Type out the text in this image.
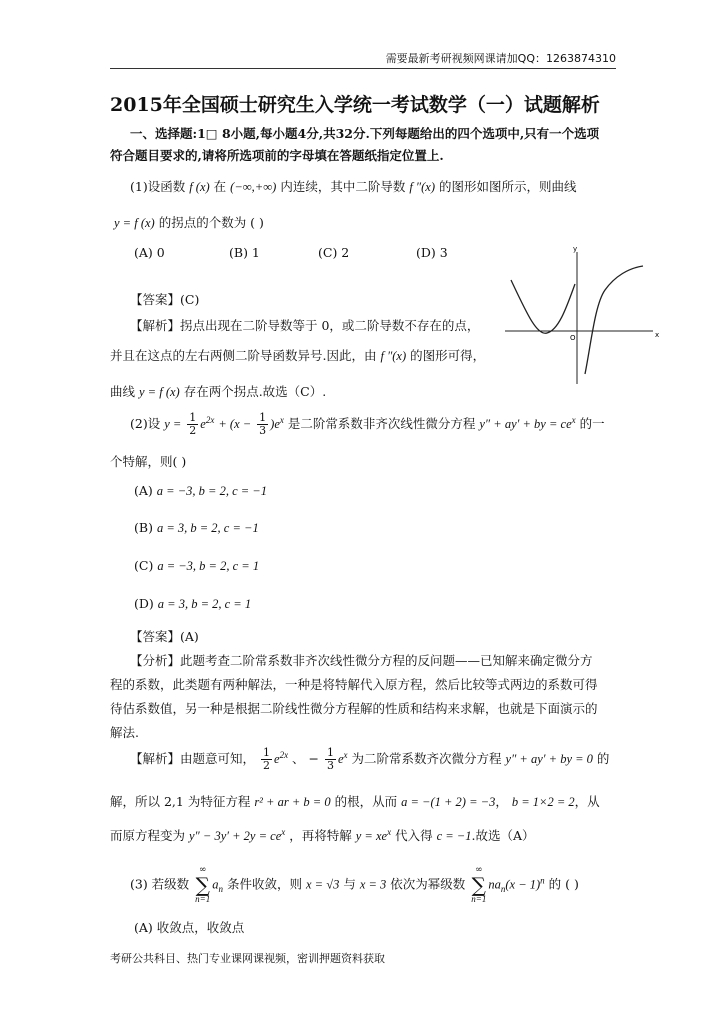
需要最新考研视频网课请加QQ：1263874310
2015年全国硕士研究生入学统一考试数学（一）试题解析
一、选择题:1□ 8小题,每小题4分,共32分.下列每题给出的四个选项中,只有一个选项
符合题目要求的,请将所选项前的字母填在答题纸指定位置上.
(1)设函数 f (x) 在 (−∞,+∞) 内连续，其中二阶导数 f ″(x) 的图形如图所示，则曲线
y = f (x) 的拐点的个数为 ( )
(A) 0	(B) 1	(C) 2	(D) 3	y
x
O
【答案】(C)
【解析】拐点出现在二阶导数等于 0，或二阶导数不存在的点，
并且在这点的左右两侧二阶导函数异号.因此，由 f ″(x) 的图形可得，
曲线 y = f (x) 存在两个拐点.故选（C）.
(2)设 $y = \frac{1}{2} e^{2x} + (x - \frac{1}{3} )e^x$ 是二阶常系数非齐次线性微分方程 y″ + ay′ + by = $ce^x$ 的一
个特解，则( )
(A) a = −3, b = 2, c = −1
(B) a = 3, b = 2, c = −1
(C) a = −3, b = 2, c = 1
(D) a = 3, b = 2, c = 1
【答案】(A)
【分析】此题考查二阶常系数非齐次线性微分方程的反问题——已知解来确定微分方
程的系数，此类题有两种解法，一种是将特解代入原方程，然后比较等式两边的系数可得
待估系数值，另一种是根据二阶线性微分方程解的性质和结构来求解，也就是下面演示的
解法.
【解析】由题意可知， $\frac{1}{2} e^{2x}$ 、 − $\frac{1}{3} e^x$ 为二阶常系数齐次微分方程 y″ + ay′ + by = 0 的
解，所以 2,1 为特征方程 r² + ar + b = 0 的根，从而 a = −(1 + 2) = −3， b = 1×2 = 2，从
而原方程变为 $y'' - 3y' + 2y = ce^x$ ，再将特解 $y = xe^x$ 代入得 c = −1.故选（A）
(3) 若级数
∞
∑
n=1
$a_n$ 条件收敛，则 x = √3 与 x = 3 依次为幂级数
∞
∑
n=1
$na_n(x - 1)^n$ 的 ( )
(A) 收敛点，收敛点
考研公共科目、热门专业课网课视频，密训押题资料获取
